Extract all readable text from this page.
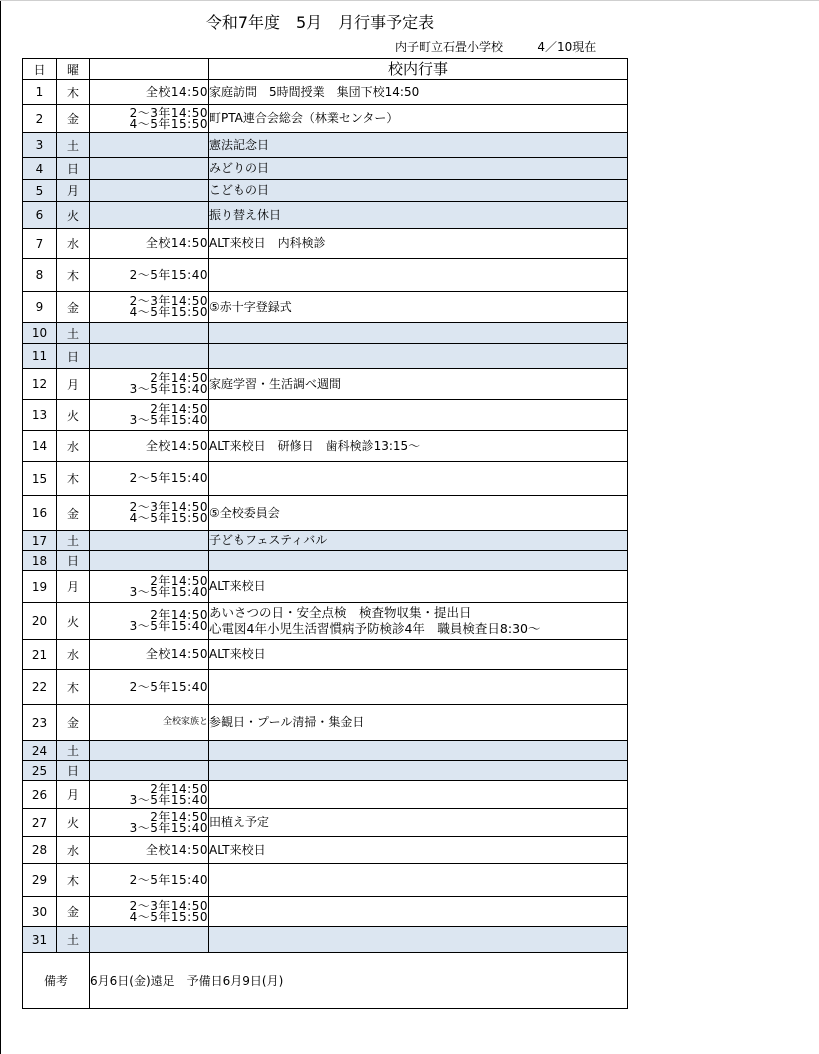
令和7年度　5月　月行事予定表
内子町立石畳小学校	4／10現在
日	曜		校内行事
1	木	全校14:50	家庭訪問　5時間授業　集団下校14:50
2	金	2～3年14:50
4～5年15:50	町PTA連合会総会（林業センター）
3	土		憲法記念日
4	日		みどりの日
5	月		こどもの日
6	火		振り替え休日
7	水	全校14:50	ALT来校日　内科検診
8	木	2～5年15:40	
9	金	2～3年14:50
4～5年15:50	⑤赤十字登録式
10	土		
11	日		
12	月	2年14:50
3～5年15:40	家庭学習・生活調べ週間
13	火	2年14:50
3～5年15:40	
14	水	全校14:50	ALT来校日　研修日　歯科検診13:15～
15	木	2～5年15:40	
16	金	2～3年14:50
4～5年15:50	⑤全校委員会
17	土		子どもフェスティバル
18	日		
19	月	2年14:50
3～5年15:40	ALT来校日
20	火	2年14:50
3～5年15:40	あいさつの日・安全点検　検査物収集・提出日
心電図4年小児生活習慣病予防検診4年　職員検査日8:30～
21	水	全校14:50	ALT来校日
22	木	2～5年15:40	
23	金	全校家族と	参観日・プール清掃・集金日
24	土		
25	日		
26	月	2年14:50
3～5年15:40	
27	火	2年14:50
3～5年15:40	田植え予定
28	水	全校14:50	ALT来校日
29	木	2～5年15:40	
30	金	2～3年14:50
4～5年15:50	
31	土		
備考		6月6日(金)遠足　予備日6月9日(月)	
